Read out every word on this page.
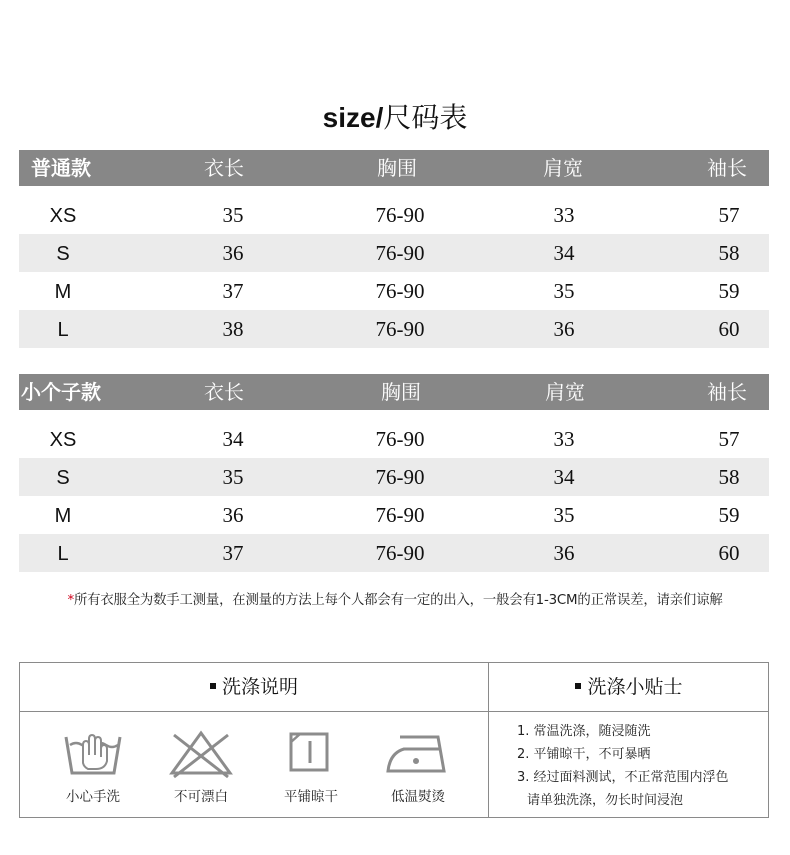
size/尺码表
普通款	衣长	胸围	肩宽	袖长
XS	35	76-90	33	57
S	36	76-90	34	58
M	37	76-90	35	59
L	38	76-90	36	60
小个子款	衣长	胸围	肩宽	袖长
XS	34	76-90	33	57
S	35	76-90	34	58
M	36	76-90	35	59
L	37	76-90	36	60
*所有衣服全为数手工测量，在测量的方法上每个人都会有一定的出入，一般会有1-3CM的正常误差，请亲们谅解
洗涤说明	洗涤小贴士
小心手洗	不可漂白	平铺晾干	低温熨烫
1. 常温洗涤，随浸随洗
2. 平铺晾干，不可暴晒
3. 经过面料测试，不正常范围内浮色
请单独洗涤，勿长时间浸泡
